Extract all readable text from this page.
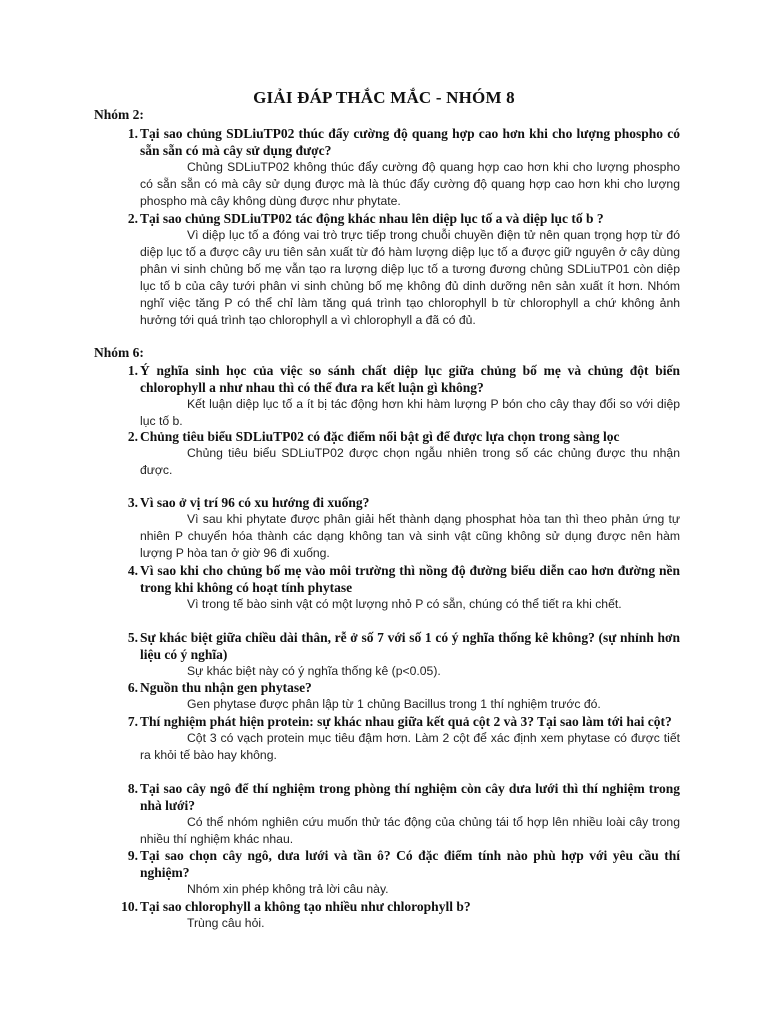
GIẢI ĐÁP THẮC MẮC - NHÓM 8
Nhóm 2:
1. Tại sao chủng SDLiuTP02 thúc đẩy cường độ quang hợp cao hơn khi cho lượng phospho có sẵn sẵn có mà cây sử dụng được?
Chủng SDLiuTP02 không thúc đẩy cường độ quang hợp cao hơn khi cho lượng phospho có sẵn sẵn có mà cây sử dụng được mà là thúc đẩy cường độ quang hợp cao hơn khi cho lượng phospho mà cây không dùng được như phytate.
2. Tại sao chủng SDLiuTP02 tác động khác nhau lên diệp lục tố a và diệp lục tố b ?
Vì diệp lục tố a đóng vai trò trực tiếp trong chuỗi chuyền điện tử nên quan trọng hợp từ đó diệp lục tố a được cây ưu tiên sản xuất từ đó hàm lượng diệp lục tố a được giữ nguyên ở cây dùng phân vi sinh chủng bố mẹ vẫn tạo ra lượng diệp lục tố a tương đương chủng SDLiuTP01 còn diệp lục tố b của cây tưới phân vi sinh chủng bố mẹ không đủ dinh dưỡng nên sản xuất ít hơn. Nhóm nghĩ việc tăng P có thể chỉ làm tăng quá trình tạo chlorophyll b từ chlorophyll a chứ không ảnh hưởng tới quá trình tạo chlorophyll a vì chlorophyll a đã có đủ.
Nhóm 6:
1. Ý nghĩa sinh học của việc so sánh chất diệp lục giữa chủng bố mẹ và chủng đột biến chlorophyll a như nhau thì có thể đưa ra kết luận gì không?
Kết luận diệp lục tố a ít bị tác động hơn khi hàm lượng P bón cho cây thay đổi so với diệp lục tố b.
2. Chủng tiêu biểu SDLiuTP02 có đặc điểm nổi bật gì để được lựa chọn trong sàng lọc
Chủng tiêu biểu SDLiuTP02 được chọn ngẫu nhiên trong số các chủng được thu nhận được.
3. Vì sao ở vị trí 96 có xu hướng đi xuống?
Vì sau khi phytate được phân giải hết thành dạng phosphat hòa tan thì theo phản ứng tự nhiên P chuyển hóa thành các dạng không tan và sinh vật cũng không sử dụng được nên hàm lượng P hòa tan ở giờ 96 đi xuống.
4. Vì sao khi cho chủng bố mẹ vào môi trường thì nồng độ đường biểu diễn cao hơn đường nền trong khi không có hoạt tính phytase
Vì trong tế bào sinh vật có một lượng nhỏ P có sẵn, chúng có thể tiết ra khi chết.
5. Sự khác biệt giữa chiều dài thân, rễ ở số 7 với số 1 có ý nghĩa thống kê không? (sự nhỉnh hơn liệu có ý nghĩa)
Sự khác biệt này có ý nghĩa thống kê (p<0.05).
6. Nguồn thu nhận gen phytase?
Gen phytase được phân lập từ 1 chủng Bacillus trong 1 thí nghiệm trước đó.
7. Thí nghiệm phát hiện protein: sự khác nhau giữa kết quả cột 2 và 3? Tại sao làm tới hai cột?
Cột 3 có vạch protein mục tiêu đậm hơn. Làm 2 cột để xác định xem phytase có được tiết ra khỏi tế bào hay không.
8. Tại sao cây ngô để thí nghiệm trong phòng thí nghiệm còn cây dưa lưới thì thí nghiệm trong nhà lưới?
Có thể nhóm nghiên cứu muốn thử tác động của chủng tái tổ hợp lên nhiều loài cây trong nhiều thí nghiệm khác nhau.
9. Tại sao chọn cây ngô, dưa lưới và tần ô? Có đặc điểm tính nào phù hợp với yêu cầu thí nghiệm?
Nhóm xin phép không trả lời câu này.
10. Tại sao chlorophyll a không tạo nhiều như chlorophyll b?
Trùng câu hỏi.
